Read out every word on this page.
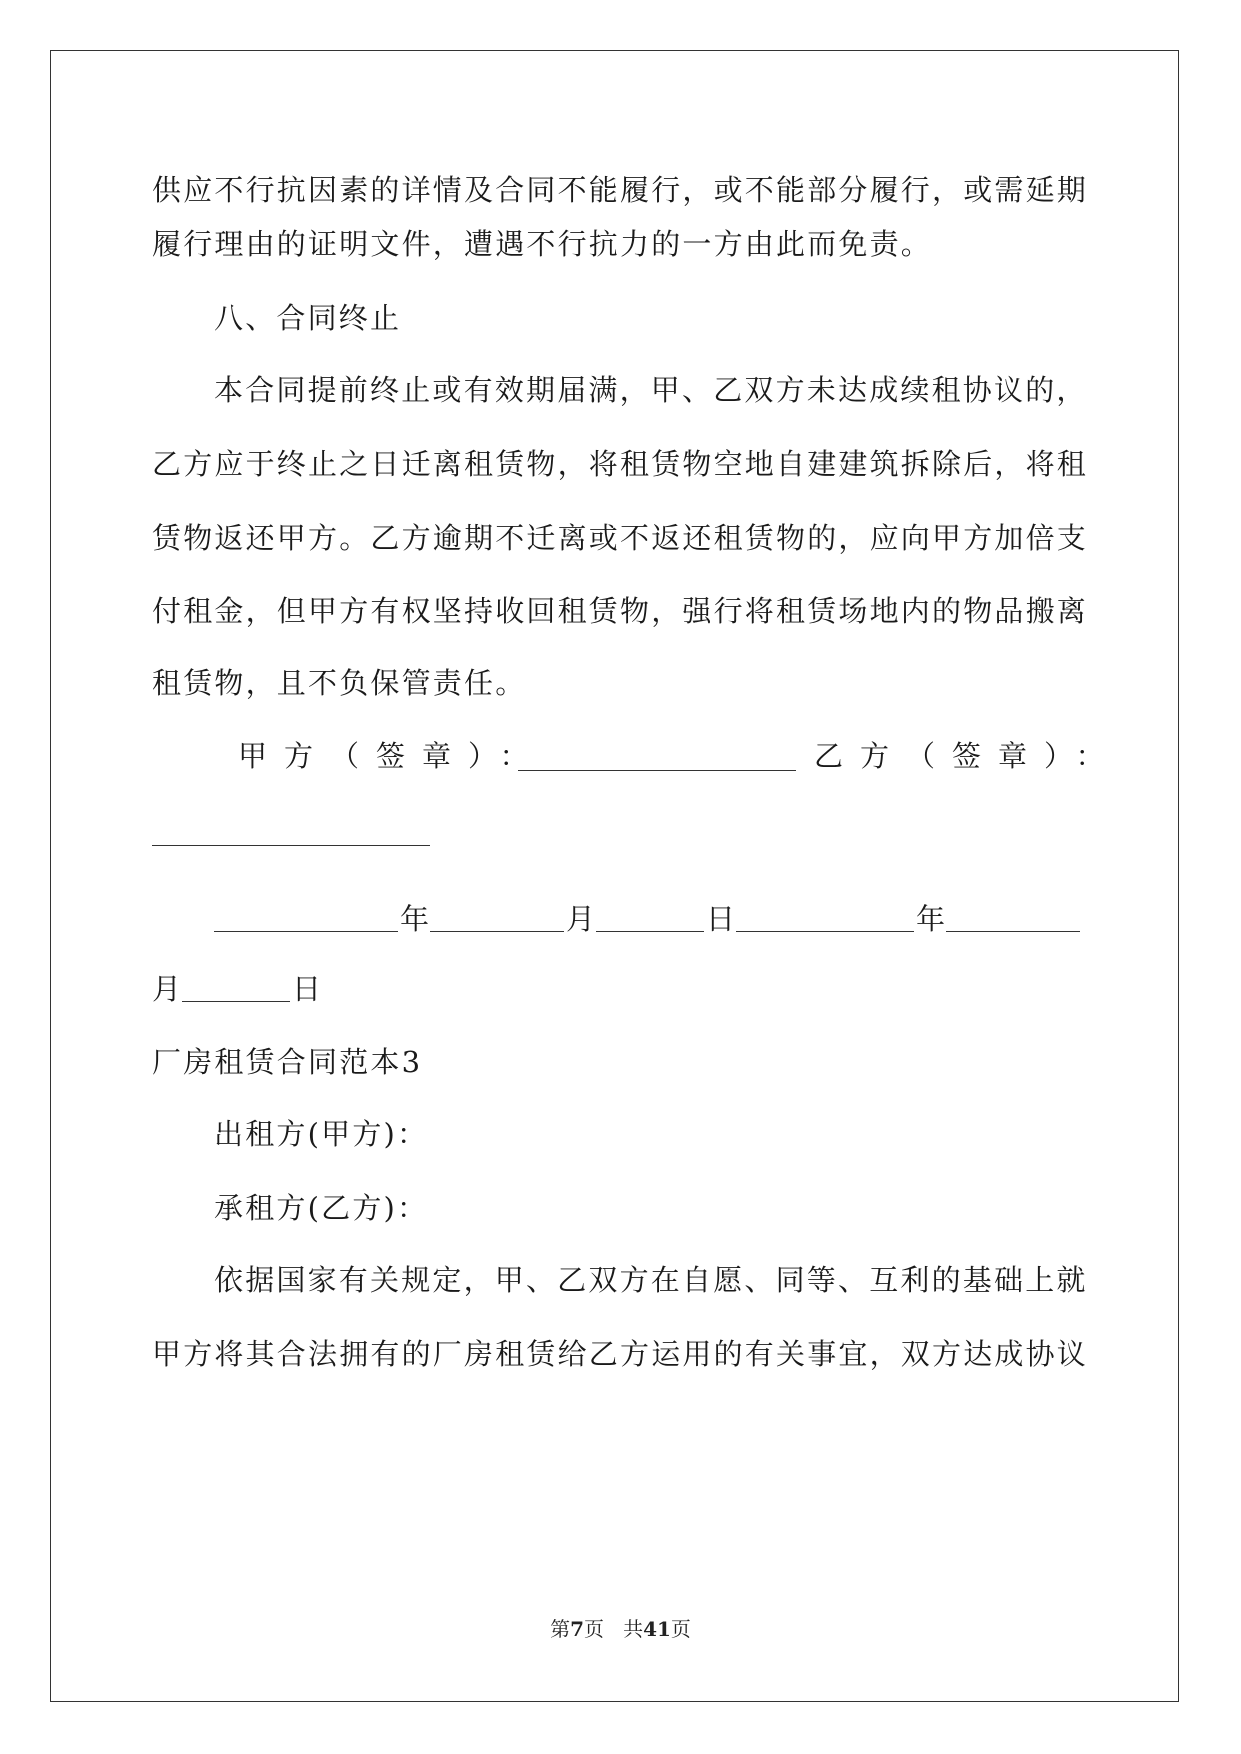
供应不行抗因素的详情及合同不能履行，或不能部分履行，或需延期
履行理由的证明文件，遭遇不行抗力的一方由此而免责。
八、合同终止
本合同提前终止或有效期届满，甲、乙双方未达成续租协议的，
乙方应于终止之日迁离租赁物，将租赁物空地自建建筑拆除后，将租
赁物返还甲方。乙方逾期不迁离或不返还租赁物的，应向甲方加倍支
付租金，但甲方有权坚持收回租赁物，强行将租赁场地内的物品搬离
租赁物，且不负保管责任。
甲方（签章）：	乙方（签章）：
年	月	日	年
月	日
厂房租赁合同范本3
出租方(甲方)：
承租方(乙方)：
依据国家有关规定，甲、乙双方在自愿、同等、互利的基础上就
甲方将其合法拥有的厂房租赁给乙方运用的有关事宜，双方达成协议
第7页 共41页
